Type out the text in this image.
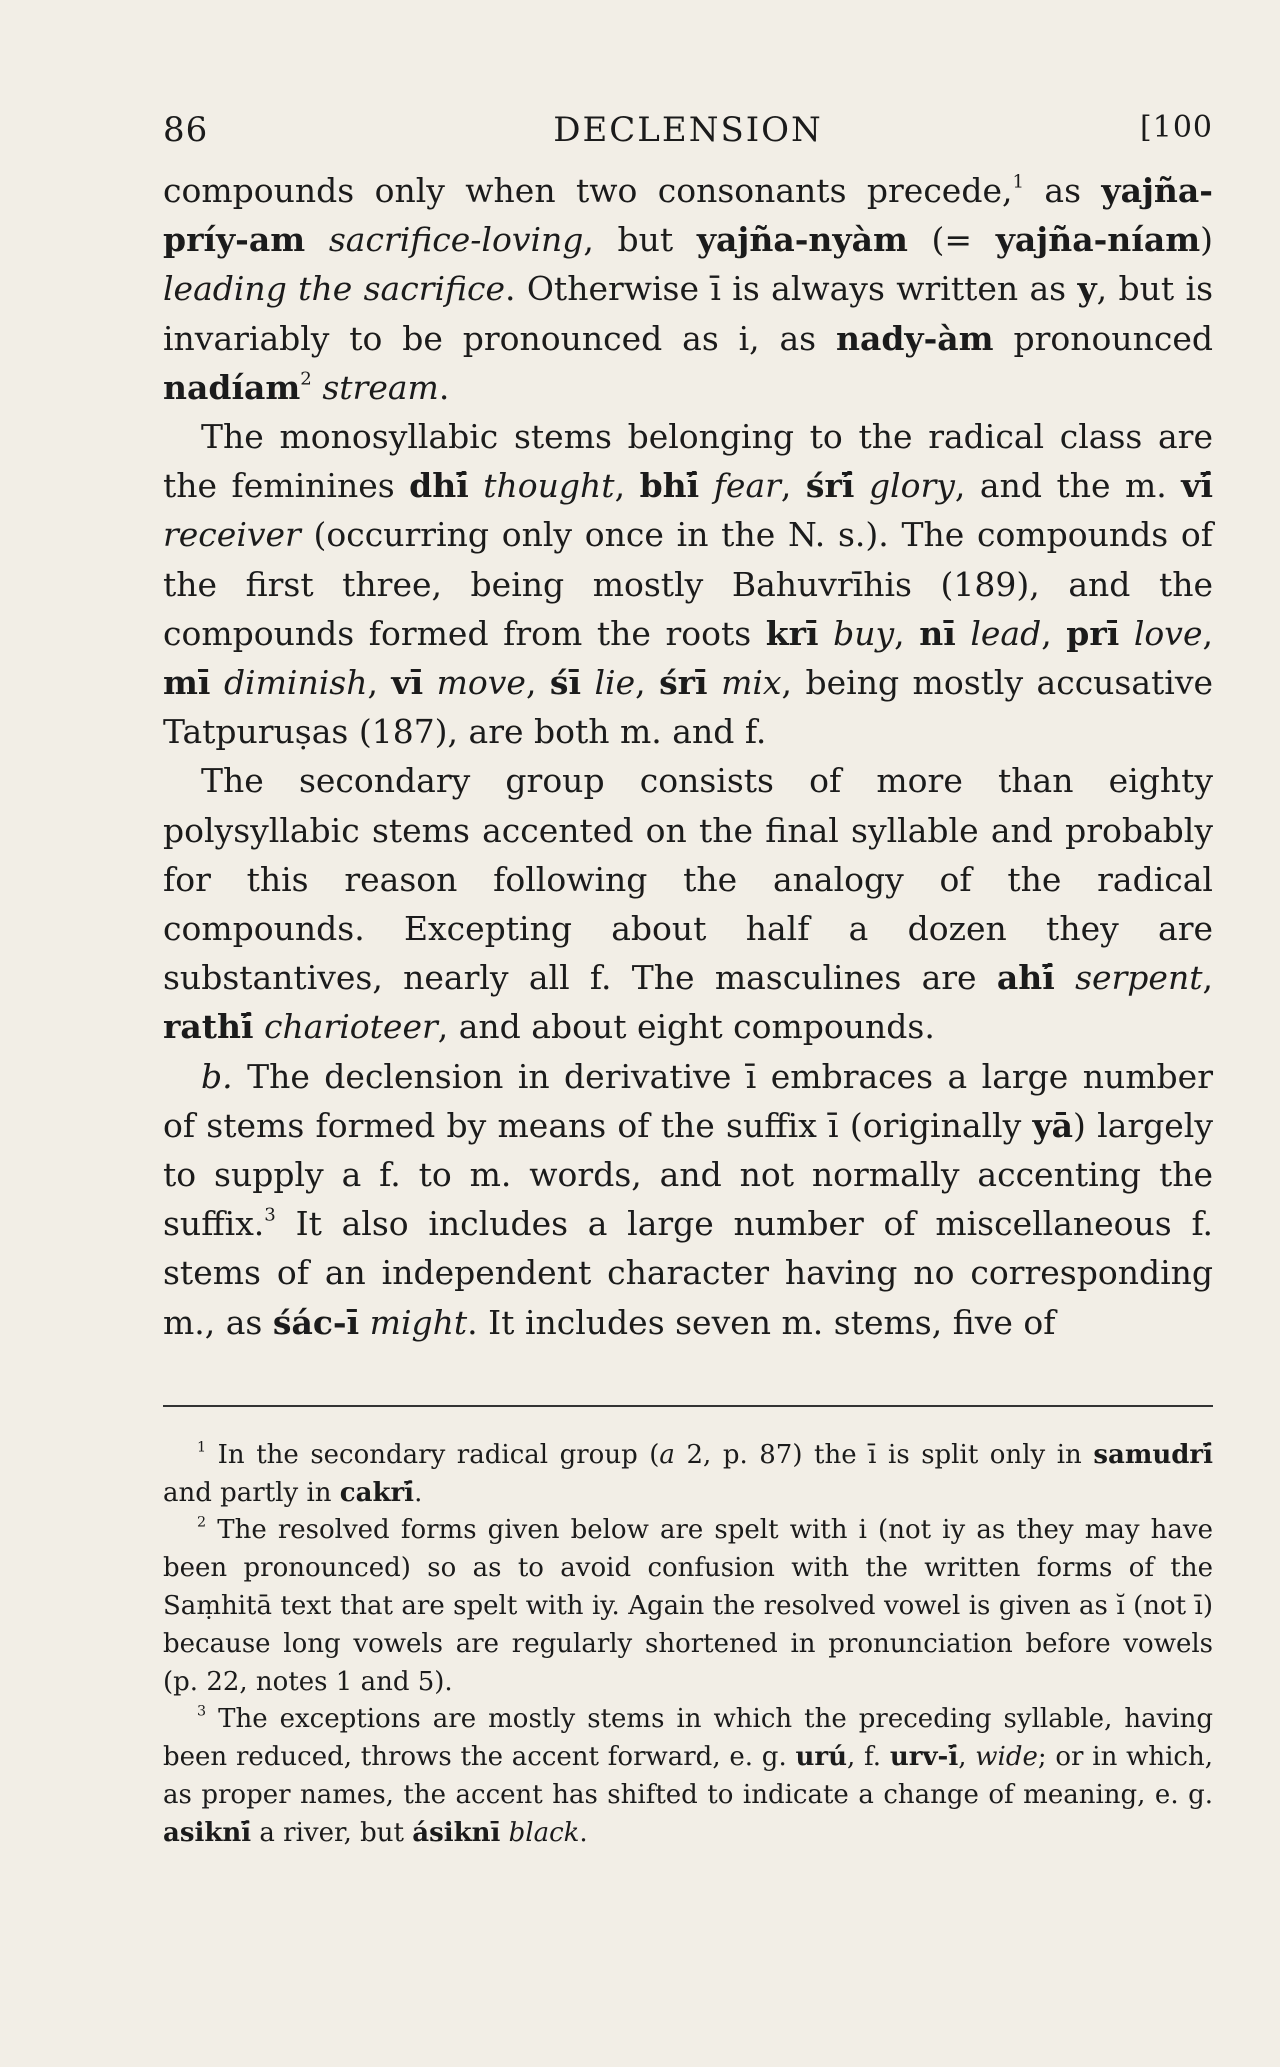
86	DECLENSION	[100

compounds only when two consonants precede,$^1$ as yajña-príy-am sacrifice-loving, but yajña-nyàm (= yajña-níam) leading the sacrifice. Otherwise ī is always written as y, but is invariably to be pronounced as i, as nady-àm pronounced nadíam$^2$ stream.

The monosyllabic stems belonging to the radical class are the feminines dhī́ thought, bhī́ fear, śrī́ glory, and the m. vī́ receiver (occurring only once in the N. s.). The compounds of the first three, being mostly Bahuvrīhis (189), and the compounds formed from the roots krī buy, nī lead, prī love, mī diminish, vī move, śī lie, śrī mix, being mostly accusative Tatpuruṣas (187), are both m. and f.

The secondary group consists of more than eighty polysyllabic stems accented on the final syllable and probably for this reason following the analogy of the radical compounds. Excepting about half a dozen they are substantives, nearly all f. The masculines are ahī́ serpent, rathī́ charioteer, and about eight compounds.

b. The declension in derivative ī embraces a large number of stems formed by means of the suffix ī (originally yā) largely to supply a f. to m. words, and not normally accenting the suffix.$^3$ It also includes a large number of miscellaneous f. stems of an independent character having no corresponding m., as śác-ī might. It includes seven m. stems, five of

$^1$ In the secondary radical group (a 2, p. 87) the ī is split only in samudrī́ and partly in cakrī́.

$^2$ The resolved forms given below are spelt with i (not iy as they may have been pronounced) so as to avoid confusion with the written forms of the Saṃhitā text that are spelt with iy. Again the resolved vowel is given as ĭ (not ī) because long vowels are regularly shortened in pronunciation before vowels (p. 22, notes 1 and 5).

$^3$ The exceptions are mostly stems in which the preceding syllable, having been reduced, throws the accent forward, e. g. urú, f. urv-ī́, wide; or in which, as proper names, the accent has shifted to indicate a change of meaning, e. g. asiknī́ a river, but ásiknī black.
